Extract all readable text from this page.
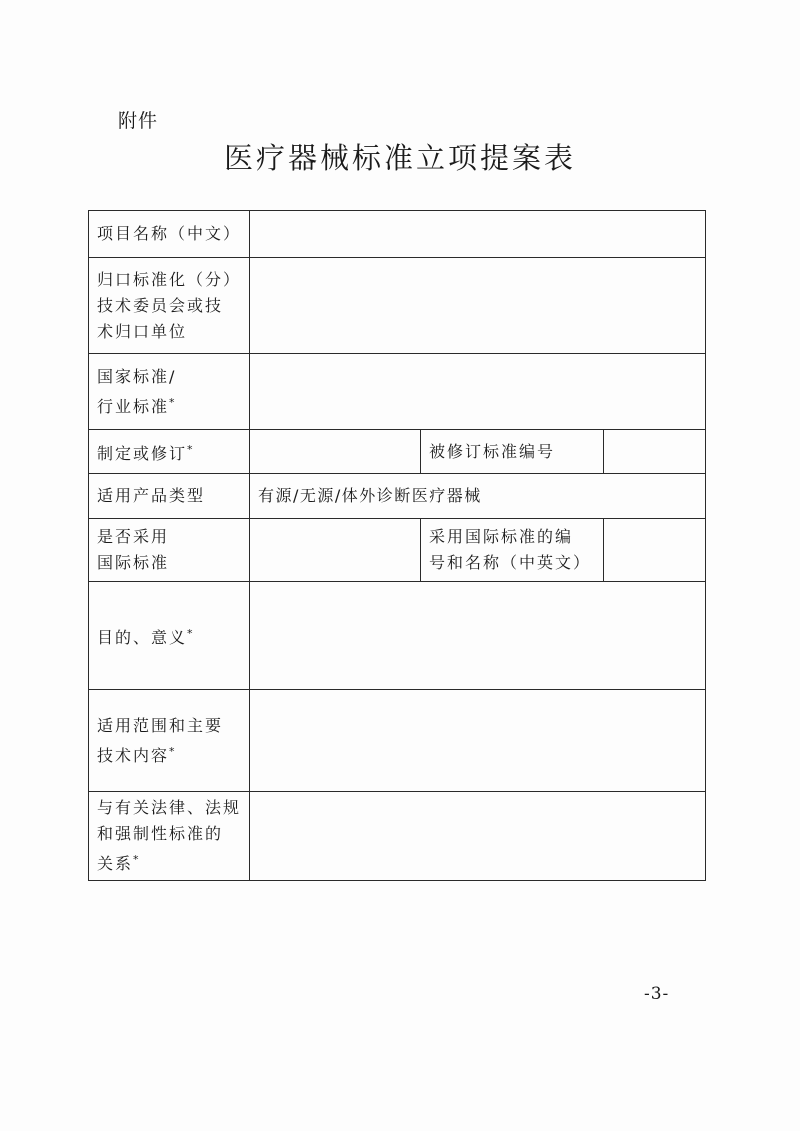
附件
医疗器械标准立项提案表
项目名称（中文）			
归口标准化（分）
技术委员会或技
术归口单位			
国家标准/
行业标准*	
制定或修订*		被修订标准编号	
适用产品类型	有源/无源/体外诊断医疗器械		
是否采用
国际标准		采用国际标准的编
号和名称（中英文）	
目的、意义*	
适用范围和主要
技术内容*	
与有关法律、法规
和强制性标准的
关系*	
-3-
